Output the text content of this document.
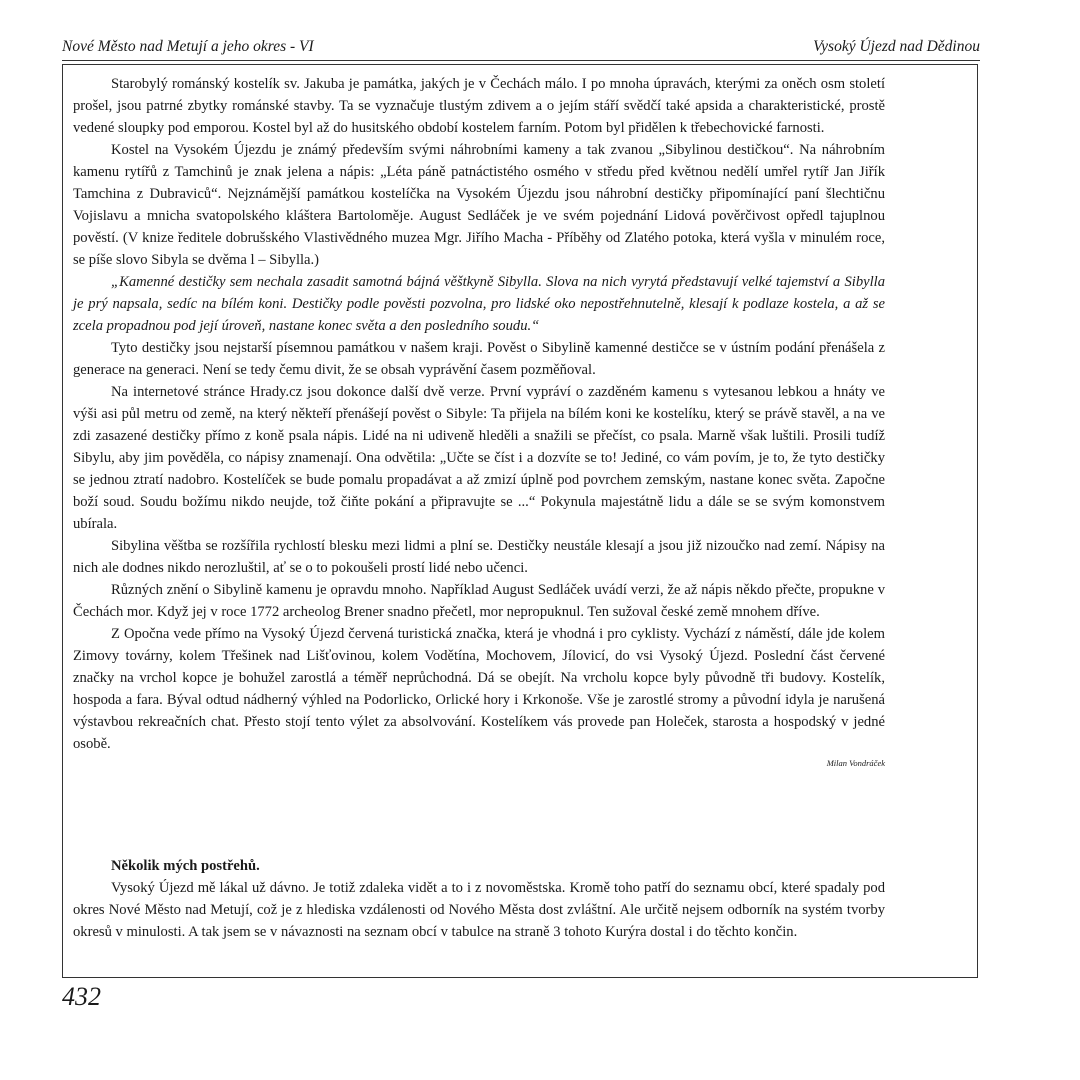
Nové Město nad Metují a jeho okres - VI	Vysoký Újezd nad Dědinou

Starobylý románský kostelík sv. Jakuba je památka, jakých je v Čechách málo. I po mnoha úpravách, kterými za oněch osm století prošel, jsou patrné zbytky románské stavby. Ta se vyznačuje tlustým zdivem a o jejím stáří svědčí také apsida a charakteristické, prostě vedené sloupky pod emporou. Kostel byl až do husitského období kostelem farním. Potom byl přidělen k třebechovické farnosti.

Kostel na Vysokém Újezdu je známý především svými náhrobními kameny a tak zvanou „Sibylinou destičkou“. Na náhrobním kamenu rytířů z Tamchinů je znak jelena a nápis: „Léta páně patnáctistého osmého v středu před květnou nedělí umřel rytíř Jan Jiřík Tamchina z Dubraviců“. Nejznámější památkou kostelíčka na Vysokém Újezdu jsou náhrobní destičky připomínající paní šlechtičnu Vojislavu a mnicha svatopolského kláštera Bartoloměje. August Sedláček je ve svém pojednání Lidová pověrčivost opředl tajuplnou pověstí. (V knize ředitele dobrušského Vlastivědného muzea Mgr. Jiřího Macha - Příběhy od Zlatého potoka, která vyšla v minulém roce, se píše slovo Sibyla se dvěma l – Sibylla.)

„Kamenné destičky sem nechala zasadit samotná bájná věštkyně Sibylla. Slova na nich vyrytá představují velké tajemství a Sibylla je prý napsala, sedíc na bílém koni. Destičky podle pověsti pozvolna, pro lidské oko nepostřehnutelně, klesají k podlaze kostela, a až se zcela propadnou pod její úroveň, nastane konec světa a den posledního soudu.“

Tyto destičky jsou nejstarší písemnou památkou v našem kraji. Pověst o Sibylině kamenné destičce se v ústním podání přenášela z generace na generaci. Není se tedy čemu divit, že se obsah vyprávění časem pozměňoval.

Na internetové stránce Hrady.cz jsou dokonce další dvě verze. První vypráví o zazděném kamenu s vytesanou lebkou a hnáty ve výši asi půl metru od země, na který někteří přenášejí pověst o Sibyle: Ta přijela na bílém koni ke kostelíku, který se právě stavěl, a na ve zdi zasazené destičky přímo z koně psala nápis. Lidé na ni udiveně hleděli a snažili se přečíst, co psala. Marně však luštili. Prosili tudíž Sibylu, aby jim pověděla, co nápisy znamenají. Ona odvětila: „Učte se číst i a dozvíte se to! Jediné, co vám povím, je to, že tyto destičky se jednou ztratí nadobro. Kostelíček se bude pomalu propadávat a až zmizí úplně pod povrchem zemským, nastane konec světa. Započne boží soud. Soudu božímu nikdo neujde, tož čiňte pokání a připravujte se ...“ Pokynula majestátně lidu a dále se se svým komonstvem ubírala.

Sibylina věštba se rozšířila rychlostí blesku mezi lidmi a plní se. Destičky neustále klesají a jsou již nizoučko nad zemí. Nápisy na nich ale dodnes nikdo nerozluštil, ať se o to pokoušeli prostí lidé nebo učenci.

Různých znění o Sibylině kamenu je opravdu mnoho. Například August Sedláček uvádí verzi, že až nápis někdo přečte, propukne v Čechách mor. Když jej v roce 1772 archeolog Brener snadno přečetl, mor nepropuknul. Ten sužoval české země mnohem dříve.

Z Opočna vede přímo na Vysoký Újezd červená turistická značka, která je vhodná i pro cyklisty. Vychází z náměstí, dále jde kolem Zimovy továrny, kolem Třešinek nad Lišťovinou, kolem Vodětína, Mochovem, Jílovicí, do vsi Vysoký Újezd. Poslední část červené značky na vrchol kopce je bohužel zarostlá a téměř neprůchodná. Dá se obejít. Na vrcholu kopce byly původně tři budovy. Kostelík, hospoda a fara. Býval odtud nádherný výhled na Podorlicko, Orlické hory i Krkonoše. Vše je zarostlé stromy a původní idyla je narušená výstavbou rekreačních chat. Přesto stojí tento výlet za absolvování. Kostelíkem vás provede pan Holeček, starosta a hospodský v jedné osobě.

Milan Vondráček

Několik mých postřehů.

Vysoký Újezd mě lákal už dávno. Je totiž zdaleka vidět a to i z novoměstska. Kromě toho patří do seznamu obcí, které spadaly pod okres Nové Město nad Metují, což je z hlediska vzdálenosti od Nového Města dost zvláštní. Ale určitě nejsem odborník na systém tvorby okresů v minulosti. A tak jsem se v návaznosti na seznam obcí v tabulce na straně 3 tohoto Kurýra dostal i do těchto končin.

432
